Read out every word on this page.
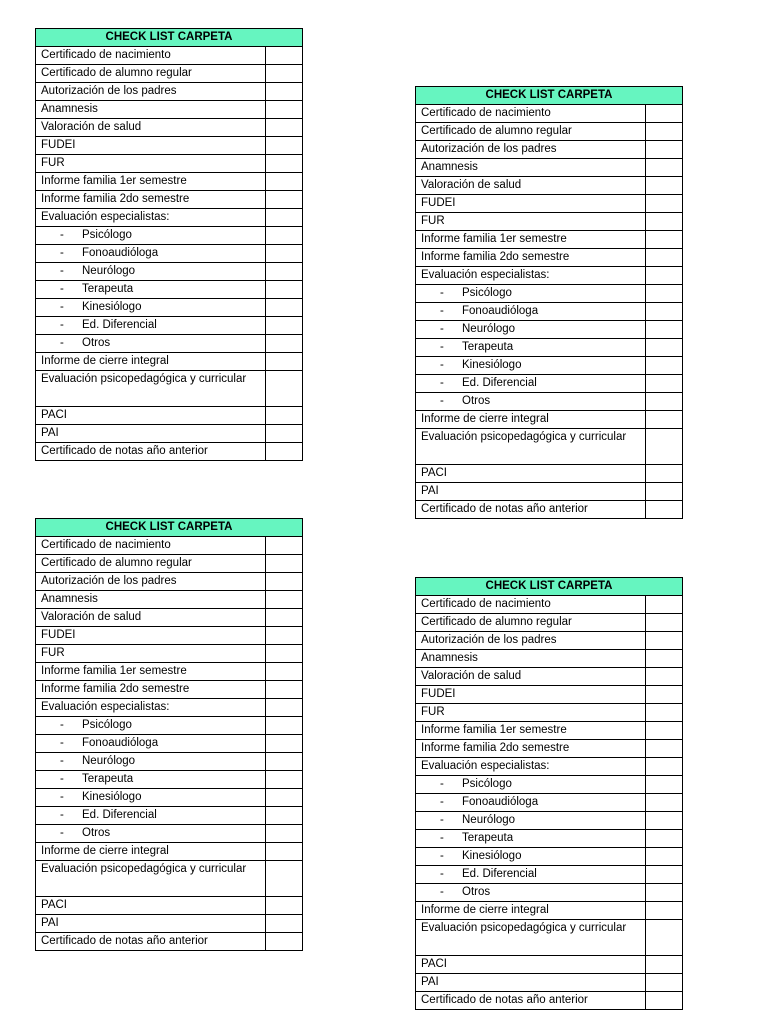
CHECK LIST CARPETA
Certificado de nacimiento
Certificado de alumno regular
Autorización de los padres
Anamnesis
Valoración de salud
FUDEI
FUR
Informe familia 1er semestre
Informe familia 2do semestre
Evaluación especialistas:
- Psicólogo
- Fonoaudióloga
- Neurólogo
- Terapeuta
- Kinesiólogo
- Ed. Diferencial
- Otros
Informe de cierre integral
Evaluación psicopedagógica y curricular
PACI
PAI
Certificado de notas año anterior
CHECK LIST CARPETA
Certificado de nacimiento
Certificado de alumno regular
Autorización de los padres
Anamnesis
Valoración de salud
FUDEI
FUR
Informe familia 1er semestre
Informe familia 2do semestre
Evaluación especialistas:
- Psicólogo
- Fonoaudióloga
- Neurólogo
- Terapeuta
- Kinesiólogo
- Ed. Diferencial
- Otros
Informe de cierre integral
Evaluación psicopedagógica y curricular
PACI
PAI
Certificado de notas año anterior
CHECK LIST CARPETA
Certificado de nacimiento
Certificado de alumno regular
Autorización de los padres
Anamnesis
Valoración de salud
FUDEI
FUR
Informe familia 1er semestre
Informe familia 2do semestre
Evaluación especialistas:
- Psicólogo
- Fonoaudióloga
- Neurólogo
- Terapeuta
- Kinesiólogo
- Ed. Diferencial
- Otros
Informe de cierre integral
Evaluación psicopedagógica y curricular
PACI
PAI
Certificado de notas año anterior
CHECK LIST CARPETA
Certificado de nacimiento
Certificado de alumno regular
Autorización de los padres
Anamnesis
Valoración de salud
FUDEI
FUR
Informe familia 1er semestre
Informe familia 2do semestre
Evaluación especialistas:
- Psicólogo
- Fonoaudióloga
- Neurólogo
- Terapeuta
- Kinesiólogo
- Ed. Diferencial
- Otros
Informe de cierre integral
Evaluación psicopedagógica y curricular
PACI
PAI
Certificado de notas año anterior
